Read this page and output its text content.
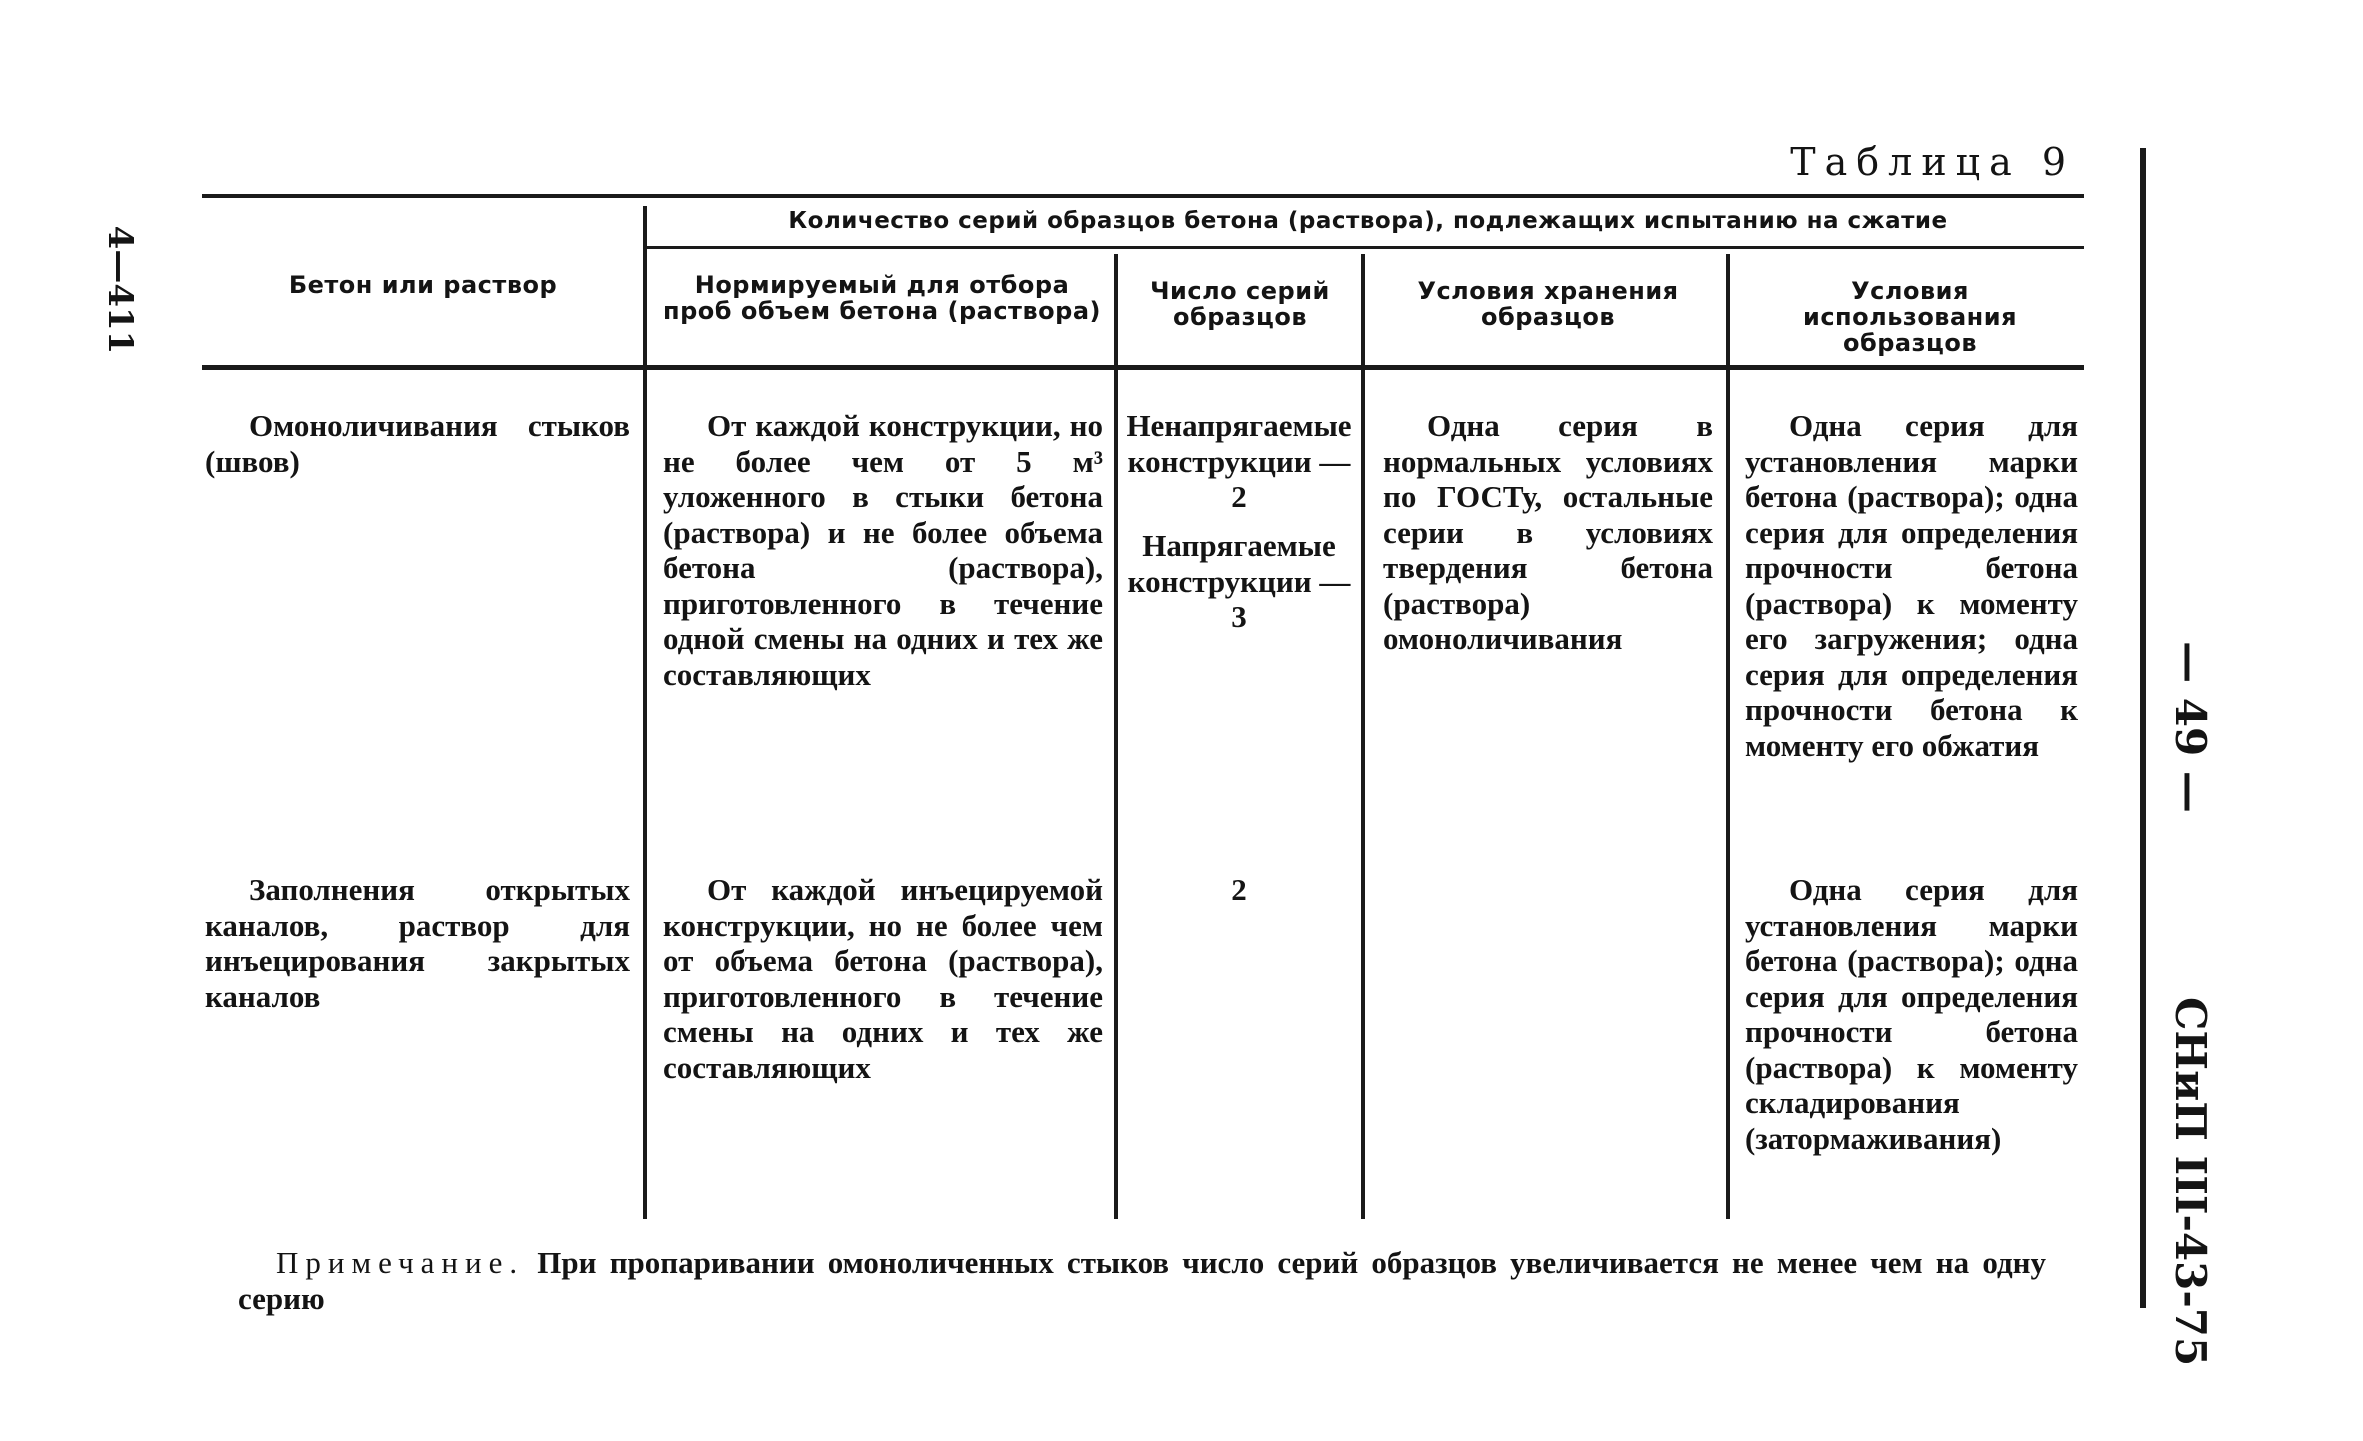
4—411
Таблица 9
— 49 —
СНиП III-43-75
Бетон или раствор
Количество серий образцов бетона (раствора), подлежащих испытанию на сжатие
Нормируемый для отбора проб объем бетона (раствора)
Число серий образцов
Условия хранения образцов
Условия использования образцов
Омоноличивания стыков (швов)
От каждой конструкции, но не более чем от 5 м³ уложенного в стыки бетона (раствора) и не более объема бетона (раствора), приготовленного в течение одной смены на одних и тех же составляющих
Ненапрягаемые конструкции — 2
Напрягаемые конструкции — 3
Одна серия в нормальных условиях по ГОСТу, остальные серии в условиях твердения бетона (раствора) омоноличивания
Одна серия для установления марки бетона (раствора); одна серия для определения прочности бетона (раствора) к моменту его загружения; одна серия для определения прочности бетона к моменту его обжатия
Заполнения открытых каналов, раствор для инъецирования закрытых каналов
От каждой инъецируемой конструкции, но не более чем от объема бетона (раствора), приготовленного в течение смены на одних и тех же составляющих
2	Одна серия для установления марки бетона (раствора); одна серия для определения прочности бетона (раствора) к моменту складирования (затормаживания)
Примечание. При пропаривании омоноличенных стыков число серий образцов увеличивается не менее чем на одну серию
